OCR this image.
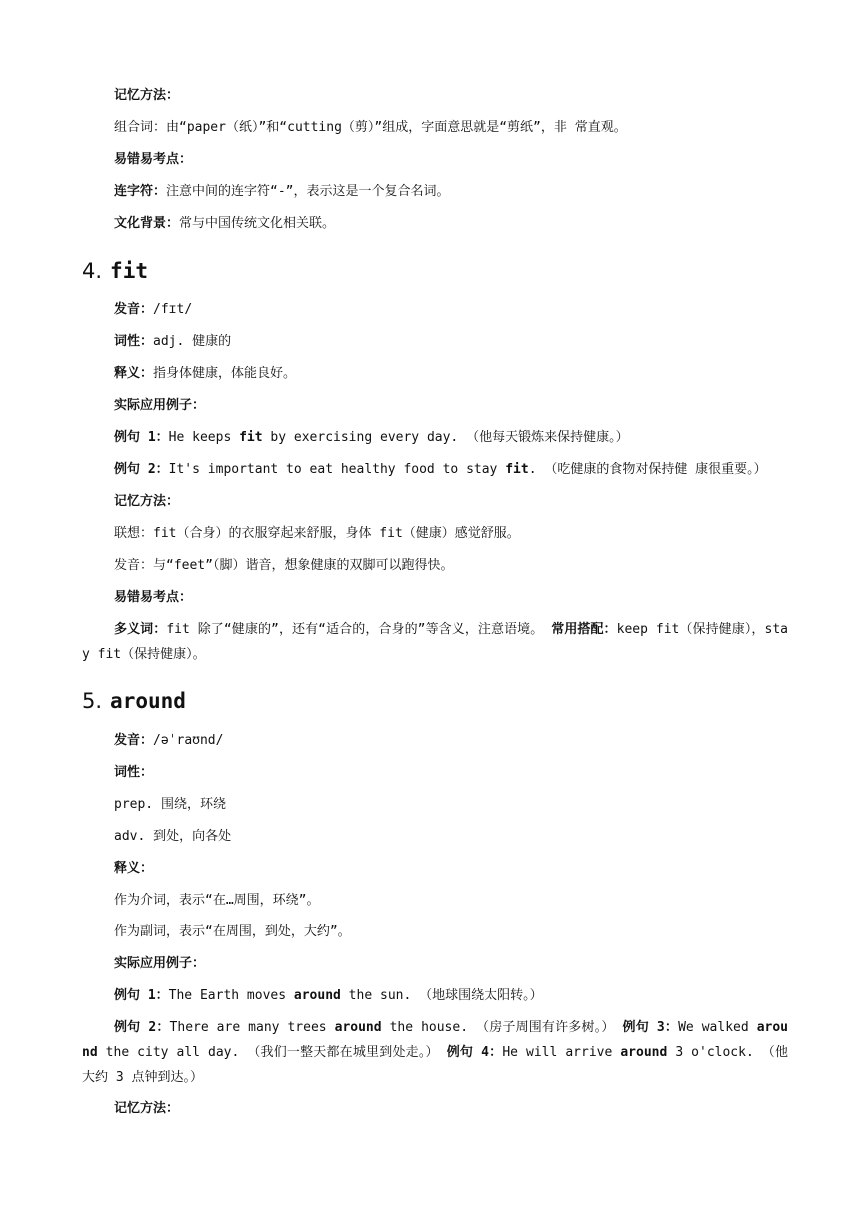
记忆方法：
组合词：由“paper（纸）”和“cutting（剪）”组成，字面意思就是“剪纸”，非 常直观。
易错易考点：
连字符：注意中间的连字符“-”，表示这是一个复合名词。
文化背景：常与中国传统文化相关联。
4. fit
发音：/fɪt/
词性：adj. 健康的
释义：指身体健康，体能良好。
实际应用例子：
例句 1：He keeps fit by exercising every day. （他每天锻炼来保持健康。）
例句 2：It's important to eat healthy food to stay fit. （吃健康的食物对保持健 康很重要。）
记忆方法：
联想：fit（合身）的衣服穿起来舒服，身体 fit（健康）感觉舒服。
发音：与“feet”（脚）谐音，想象健康的双脚可以跑得快。
易错易考点：
多义词：fit 除了“健康的”，还有“适合的，合身的”等含义，注意语境。 常用搭配：keep fit（保持健康），stay fit（保持健康）。
5. around
发音：/əˈraʊnd/
词性：
prep. 围绕，环绕
adv. 到处，向各处
释义：
作为介词，表示“在…周围，环绕”。
作为副词，表示“在周围，到处，大约”。
实际应用例子：
例句 1：The Earth moves around the sun. （地球围绕太阳转。）
例句 2：There are many trees around the house. （房子周围有许多树。） 例句 3：We walked around the city all day. （我们一整天都在城里到处走。） 例句 4：He will arrive around 3 o'clock. （他大约 3 点钟到达。）
记忆方法：
